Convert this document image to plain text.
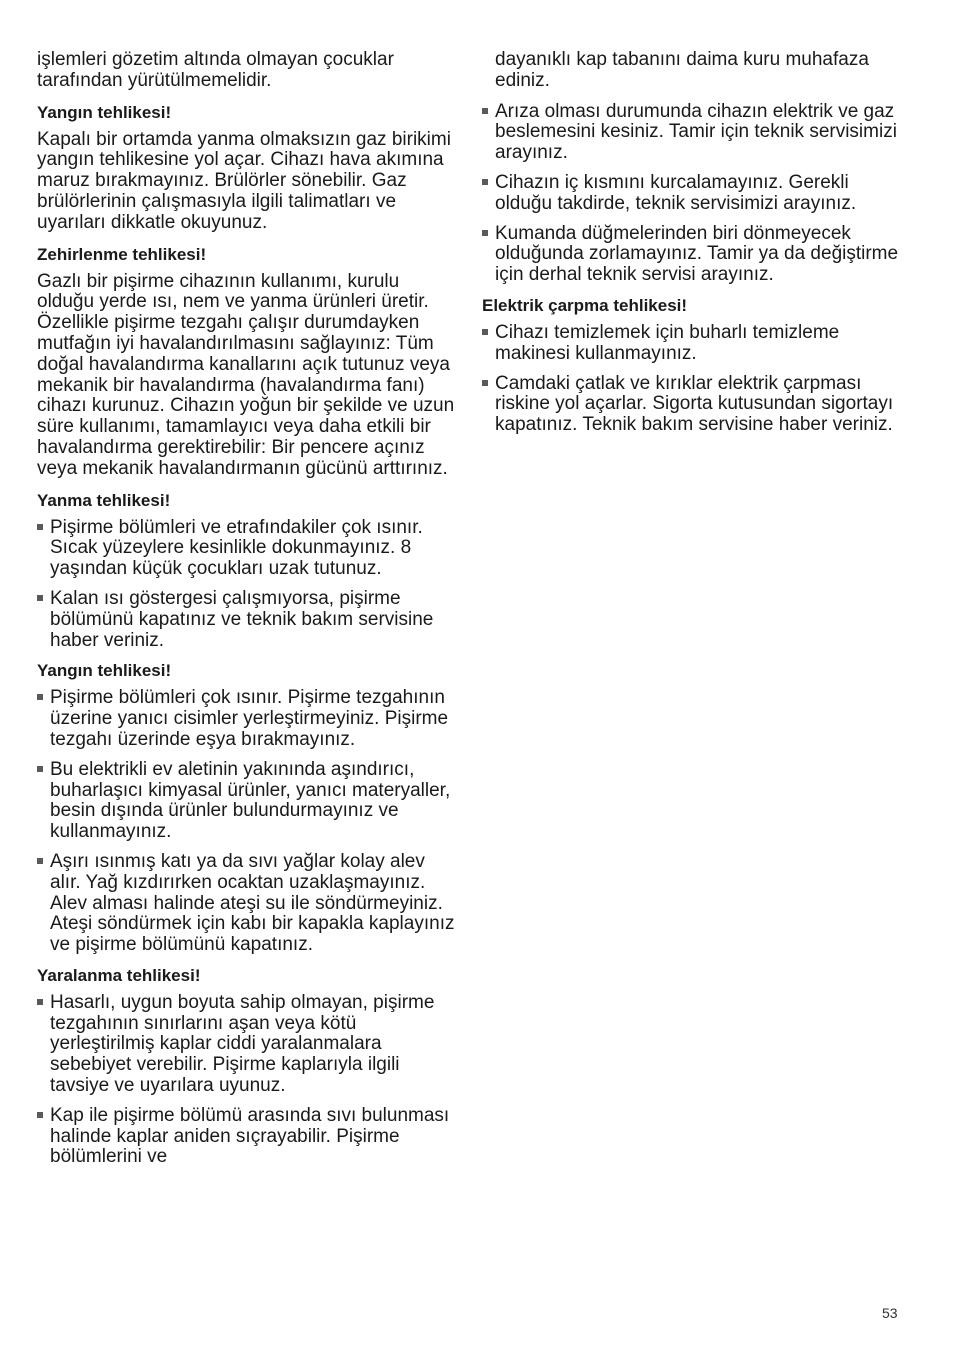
işlemleri gözetim altında olmayan çocuklar tarafından yürütülmemelidir.

Yangın tehlikesi!

Kapalı bir ortamda yanma olmaksızın gaz birikimi yangın tehlikesine yol açar. Cihazı hava akımına maruz bırakmayınız. Brülörler sönebilir. Gaz brülörlerinin çalışmasıyla ilgili talimatları ve uyarıları dikkatle okuyunuz.

Zehirlenme tehlikesi!

Gazlı bir pişirme cihazının kullanımı, kurulu olduğu yerde ısı, nem ve yanma ürünleri üretir. Özellikle pişirme tezgahı çalışır durumdayken mutfağın iyi havalandırılmasını sağlayınız: Tüm doğal havalandırma kanallarını açık tutunuz veya mekanik bir havalandırma (havalandırma fanı) cihazı kurunuz. Cihazın yoğun bir şekilde ve uzun süre kullanımı, tamamlayıcı veya daha etkili bir havalandırma gerektirebilir: Bir pencere açınız veya mekanik havalandırmanın gücünü arttırınız.

Yanma tehlikesi!
Pişirme bölümleri ve etrafındakiler çok ısınır. Sıcak yüzeylere kesinlikle dokunmayınız. 8 yaşından küçük çocukları uzak tutunuz.
Kalan ısı göstergesi çalışmıyorsa, pişirme bölümünü kapatınız ve teknik bakım servisine haber veriniz.
Yangın tehlikesi!
Pişirme bölümleri çok ısınır. Pişirme tezgahının üzerine yanıcı cisimler yerleştirmeyiniz. Pişirme tezgahı üzerinde eşya bırakmayınız.
Bu elektrikli ev aletinin yakınında aşındırıcı, buharlaşıcı kimyasal ürünler, yanıcı materyaller, besin dışında ürünler bulundurmayınız ve kullanmayınız.
Aşırı ısınmış katı ya da sıvı yağlar kolay alev alır. Yağ kızdırırken ocaktan uzaklaşmayınız. Alev alması halinde ateşi su ile söndürmeyiniz. Ateşi söndürmek için kabı bir kapakla kaplayınız ve pişirme bölümünü kapatınız.
Yaralanma tehlikesi!
Hasarlı, uygun boyuta sahip olmayan, pişirme tezgahının sınırlarını aşan veya kötü yerleştirilmiş kaplar ciddi yaralanmalara sebebiyet verebilir. Pişirme kaplarıyla ilgili tavsiye ve uyarılara uyunuz.
Kap ile pişirme bölümü arasında sıvı bulunması halinde kaplar aniden sıçrayabilir. Pişirme bölümlerini ve

dayanıklı kap tabanını daima kuru muhafaza ediniz.

Arıza olması durumunda cihazın elektrik ve gaz beslemesini kesiniz. Tamir için teknik servisimizi arayınız.
Cihazın iç kısmını kurcalamayınız. Gerekli olduğu takdirde, teknik servisimizi arayınız.
Kumanda düğmelerinden biri dönmeyecek olduğunda zorlamayınız. Tamir ya da değiştirme için derhal teknik servisi arayınız.
Elektrik çarpma tehlikesi!
Cihazı temizlemek için buharlı temizleme makinesi kullanmayınız.
Camdaki çatlak ve kırıklar elektrik çarpması riskine yol açarlar. Sigorta kutusundan sigortayı kapatınız. Teknik bakım servisine haber veriniz.
53
